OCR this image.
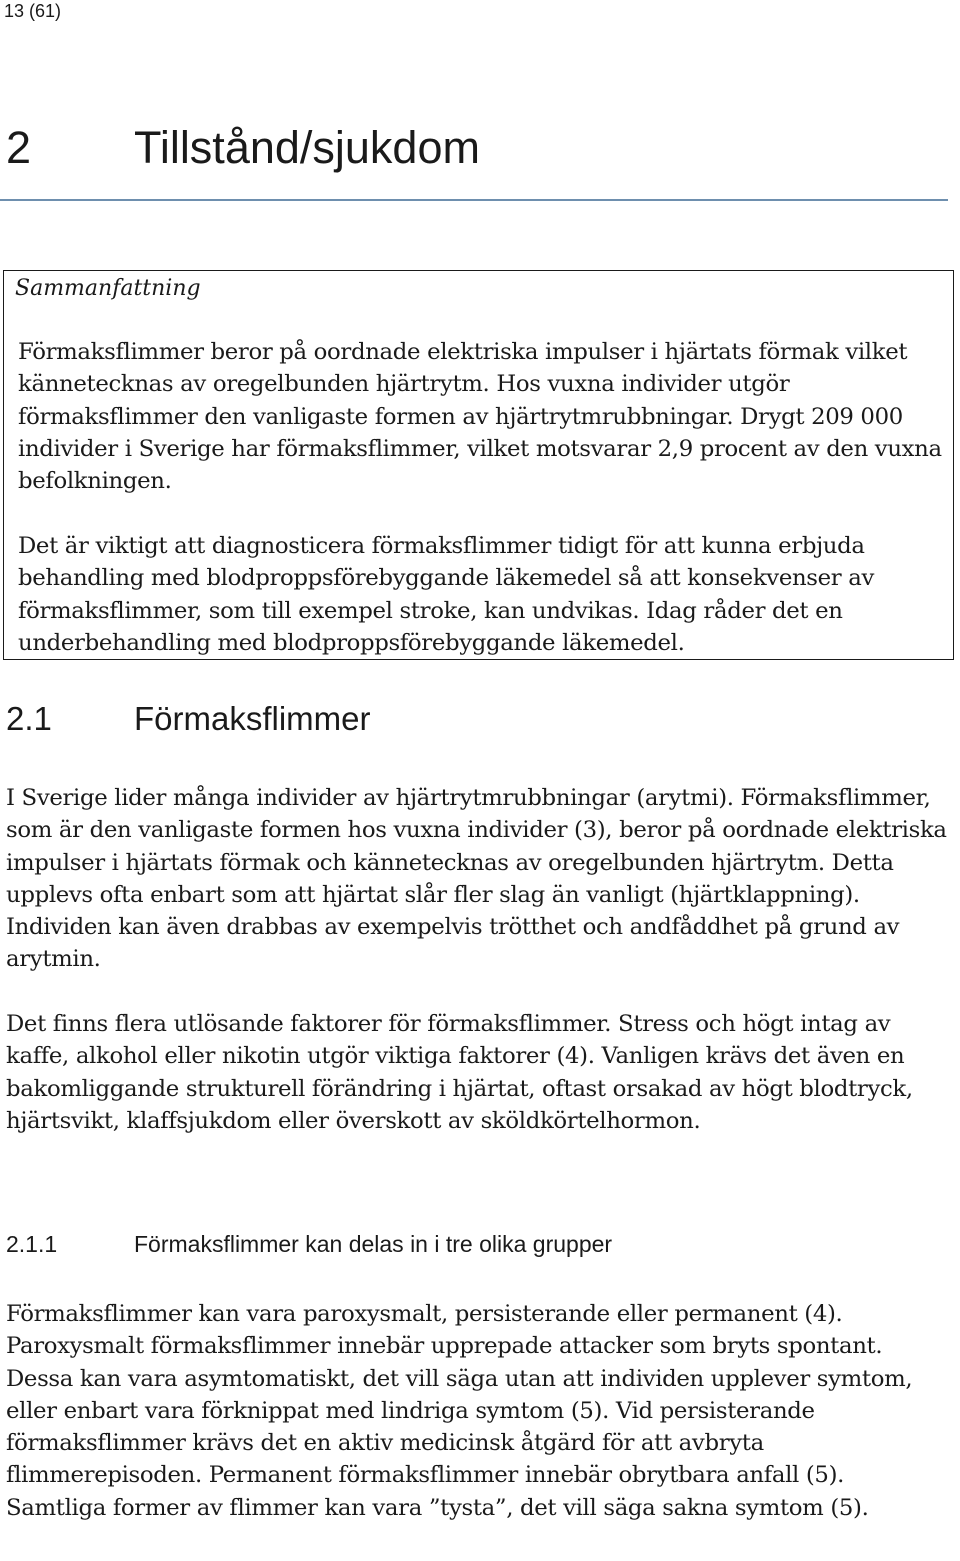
13 (61)
2 Tillstånd/sjukdom
Sammanfattning

Förmaksflimmer beror på oordnade elektriska impulser i hjärtats förmak vilket kännetecknas av oregelbunden hjärtrytm. Hos vuxna individer utgör förmaksflimmer den vanligaste formen av hjärtrytmrubbningar. Drygt 209 000 individer i Sverige har förmaksflimmer, vilket motsvarar 2,9 procent av den vuxna befolkningen.

Det är viktigt att diagnosticera förmaksflimmer tidigt för att kunna erbjuda behandling med blodproppsförebyggande läkemedel så att konsekvenser av förmaksflimmer, som till exempel stroke, kan undvikas. Idag råder det en underbehandling med blodproppsförebyggande läkemedel.

2.1 Förmaksflimmer

I Sverige lider många individer av hjärtrytmrubbningar (arytmi). Förmaksflimmer, som är den vanligaste formen hos vuxna individer (3), beror på oordnade elektriska impulser i hjärtats förmak och kännetecknas av oregelbunden hjärtrytm. Detta upplevs ofta enbart som att hjärtat slår fler slag än vanligt (hjärtklappning). Individen kan även drabbas av exempelvis trötthet och andfåddhet på grund av arytmin.

Det finns flera utlösande faktorer för förmaksflimmer. Stress och högt intag av kaffe, alkohol eller nikotin utgör viktiga faktorer (4). Vanligen krävs det även en bakomliggande strukturell förändring i hjärtat, oftast orsakad av högt blodtryck, hjärtsvikt, klaffsjukdom eller överskott av sköldkörtelhormon.

2.1.1	Förmaksflimmer kan delas in i tre olika grupper

Förmaksflimmer kan vara paroxysmalt, persisterande eller permanent (4). Paroxysmalt förmaksflimmer innebär upprepade attacker som bryts spontant. Dessa kan vara asymtomatiskt, det vill säga utan att individen upplever symtom, eller enbart vara förknippat med lindriga symtom (5). Vid persisterande förmaksflimmer krävs det en aktiv medicinsk åtgärd för att avbryta flimmerepisoden. Permanent förmaksflimmer innebär obrytbara anfall (5). Samtliga former av flimmer kan vara ”tysta”, det vill säga sakna symtom (5).
